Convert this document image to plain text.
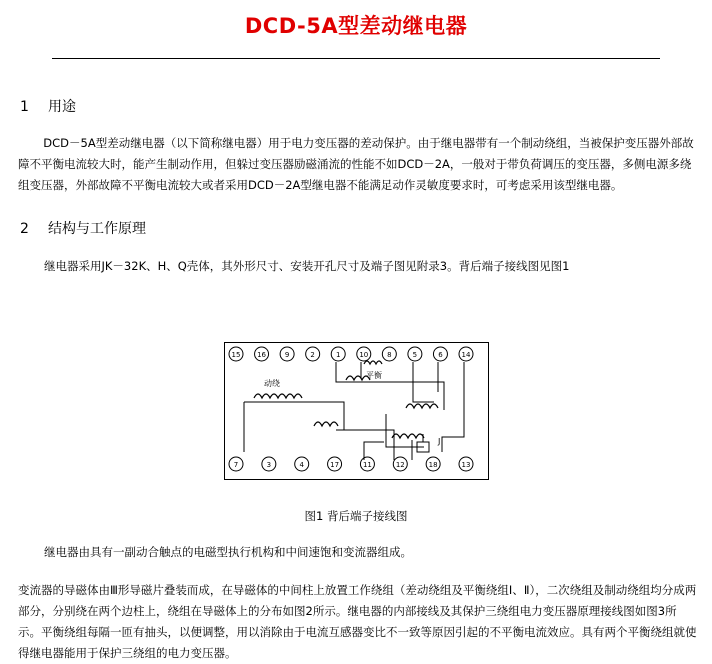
DCD-5A型差动继电器
1 用途
DCD－5A型差动继电器（以下简称继电器）用于电力变压器的差动保护。由于继电器带有一个制动绕组，当被保护变压器外部故障不平衡电流较大时，能产生制动作用，但躲过变压器励磁涌流的性能不如DCD－2A，一般对于带负荷调压的变压器，多侧电源多绕组变压器，外部故障不平衡电流较大或者采用DCD－2A型继电器不能满足动作灵敏度要求时，可考虑采用该型继电器。
2 结构与工作原理
继电器采用JK－32K、H、Q壳体，其外形尺寸、安装开孔尺寸及端子图见附录3。背后端子接线图见图1
15 16	9	2	1	10	8	5	6	14
7	3	4	17	11	12	18	13
动绕
平衡
J
图1 背后端子接线图
继电器由具有一副动合触点的电磁型执行机构和中间速饱和变流器组成。
变流器的导磁体由Ⅲ形导磁片叠装而成，在导磁体的中间柱上放置工作绕组（差动绕组及平衡绕组Ⅰ、Ⅱ），二次绕组及制动绕组均分成两部分，分别绕在两个边柱上，绕组在导磁体上的分布如图2所示。继电器的内部接线及其保护三绕组电力变压器原理接线图如图3所示。平衡绕组每隔一匝有抽头，以便调整，用以消除由于电流互感器变比不一致等原因引起的不平衡电流效应。具有两个平衡绕组就使得继电器能用于保护三绕组的电力变压器。
